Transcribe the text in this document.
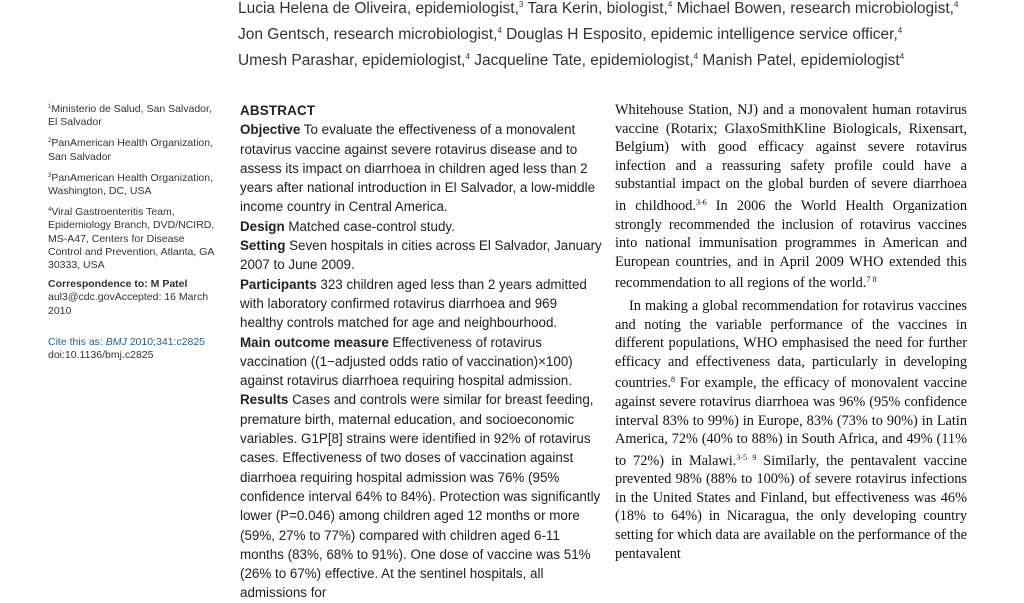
Lucia Helena de Oliveira, epidemiologist,$^3$ Tara Kerin, biologist,$^4$ Michael Bowen, research microbiologist,$^4$
Jon Gentsch, research microbiologist,$^4$ Douglas H Esposito, epidemic intelligence service officer,$^4$
Umesh Parashar, epidemiologist,$^4$ Jacqueline Tate, epidemiologist,$^4$ Manish Patel, epidemiologist$^4$
$^1$Ministerio de Salud, San Salvador, El Salvador
$^2$PanAmerican Health Organization, San Salvador
$^3$PanAmerican Health Organization, Washington, DC, USA
$^4$Viral Gastroenteritis Team, Epidemiology Branch, DVD/NCIRD, MS-A47, Centers for Disease Control and Prevention, Atlanta, GA 30333, USA
Correspondence to: M Patel
aul3@cdc.govAccepted: 16 March 2010
Cite this as: BMJ 2010;341:c2825
doi:10.1136/bmj.c2825
ABSTRACT
Objective To evaluate the effectiveness of a monovalent rotavirus vaccine against severe rotavirus disease and to assess its impact on diarrhoea in children aged less than 2 years after national introduction in El Salvador, a low-middle income country in Central America.
Design Matched case-control study.
Setting Seven hospitals in cities across El Salvador, January 2007 to June 2009.
Participants 323 children aged less than 2 years admitted with laboratory confirmed rotavirus diarrhoea and 969 healthy controls matched for age and neighbourhood.
Main outcome measure Effectiveness of rotavirus vaccination ((1−adjusted odds ratio of vaccination)×100) against rotavirus diarrhoea requiring hospital admission.
Results Cases and controls were similar for breast feeding, premature birth, maternal education, and socioeconomic variables. G1P[8] strains were identified in 92% of rotavirus cases. Effectiveness of two doses of vaccination against diarrhoea requiring hospital admission was 76% (95% confidence interval 64% to 84%). Protection was significantly lower (P=0.046) among children aged 12 months or more (59%, 27% to 77%) compared with children aged 6-11 months (83%, 68% to 91%). One dose of vaccine was 51% (26% to 67%) effective. At the sentinel hospitals, all admissions for

Whitehouse Station, NJ) and a monovalent human rotavirus vaccine (Rotarix; GlaxoSmithKline Biologicals, Rixensart, Belgium) with good efficacy against severe rotavirus infection and a reassuring safety profile could have a substantial impact on the global burden of severe diarrhoea in childhood.$^{3-6}$ In 2006 the World Health Organization strongly recommended the inclusion of rotavirus vaccines into national immunisation programmes in American and European countries, and in April 2009 WHO extended this recommendation to all regions of the world.$^{7 8}$

In making a global recommendation for rotavirus vaccines and noting the variable performance of the vaccines in different populations, WHO emphasised the need for further efficacy and effectiveness data, particularly in developing countries.$^8$ For example, the efficacy of monovalent vaccine against severe rotavirus diarrhoea was 96% (95% confidence interval 83% to 99%) in Europe, 83% (73% to 90%) in Latin America, 72% (40% to 88%) in South Africa, and 49% (11% to 72%) in Malawi.$^{3-5 9}$ Similarly, the pentavalent vaccine prevented 98% (88% to 100%) of severe rotavirus infections in the United States and Finland, but effectiveness was 46% (18% to 64%) in Nicaragua, the only developing country setting for which data are available on the performance of the pentavalent
